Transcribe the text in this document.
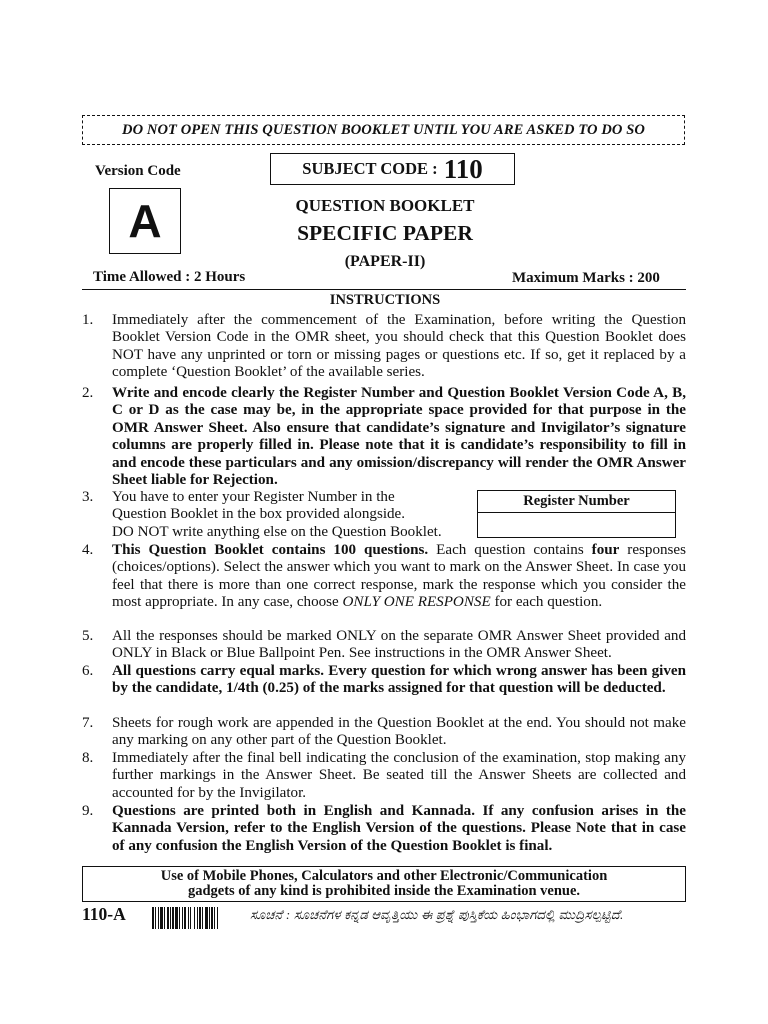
DO NOT OPEN THIS QUESTION BOOKLET UNTIL YOU ARE ASKED TO DO SO
Version Code
A
SUBJECT CODE : 110
QUESTION BOOKLET
SPECIFIC PAPER
(PAPER-II)
Time Allowed : 2 Hours	Maximum Marks : 200
INSTRUCTIONS
1. Immediately after the commencement of the Examination, before writing the Question Booklet Version Code in the OMR sheet, you should check that this Question Booklet does NOT have any unprinted or torn or missing pages or questions etc. If so, get it replaced by a complete ‘Question Booklet’ of the available series.
2. Write and encode clearly the Register Number and Question Booklet Version Code A, B, C or D as the case may be, in the appropriate space provided for that purpose in the OMR Answer Sheet. Also ensure that candidate’s signature and Invigilator’s signature columns are properly filled in. Please note that it is candidate’s responsibility to fill in and encode these particulars and any omission/discrepancy will render the OMR Answer Sheet liable for Rejection.
3. You have to enter your Register Number in the
Question Booklet in the box provided alongside.
DO NOT write anything else on the Question Booklet.
Register Number
4. This Question Booklet contains 100 questions. Each question contains four responses (choices/options). Select the answer which you want to mark on the Answer Sheet. In case you feel that there is more than one correct response, mark the response which you consider the most appropriate. In any case, choose ONLY ONE RESPONSE for each question.
5. All the responses should be marked ONLY on the separate OMR Answer Sheet provided and ONLY in Black or Blue Ballpoint Pen. See instructions in the OMR Answer Sheet.
6. All questions carry equal marks. Every question for which wrong answer has been given by the candidate, 1/4th (0.25) of the marks assigned for that question will be deducted.
7. Sheets for rough work are appended in the Question Booklet at the end. You should not make any marking on any other part of the Question Booklet.
8. Immediately after the final bell indicating the conclusion of the examination, stop making any further markings in the Answer Sheet. Be seated till the Answer Sheets are collected and accounted for by the Invigilator.
9. Questions are printed both in English and Kannada. If any confusion arises in the Kannada Version, refer to the English Version of the questions. Please Note that in case of any confusion the English Version of the Question Booklet is final.
Use of Mobile Phones, Calculators and other Electronic/Communication
gadgets of any kind is prohibited inside the Examination venue.
110-A	ಸೂಚನೆ : ಸೂಚನೆಗಳ ಕನ್ನಡ ಆವೃತ್ತಿಯು ಈ ಪ್ರಶ್ನೆ ಪುಸ್ತಿಕೆಯ ಹಿಂಭಾಗದಲ್ಲಿ ಮುದ್ರಿಸಲ್ಪಟ್ಟಿದೆ.
